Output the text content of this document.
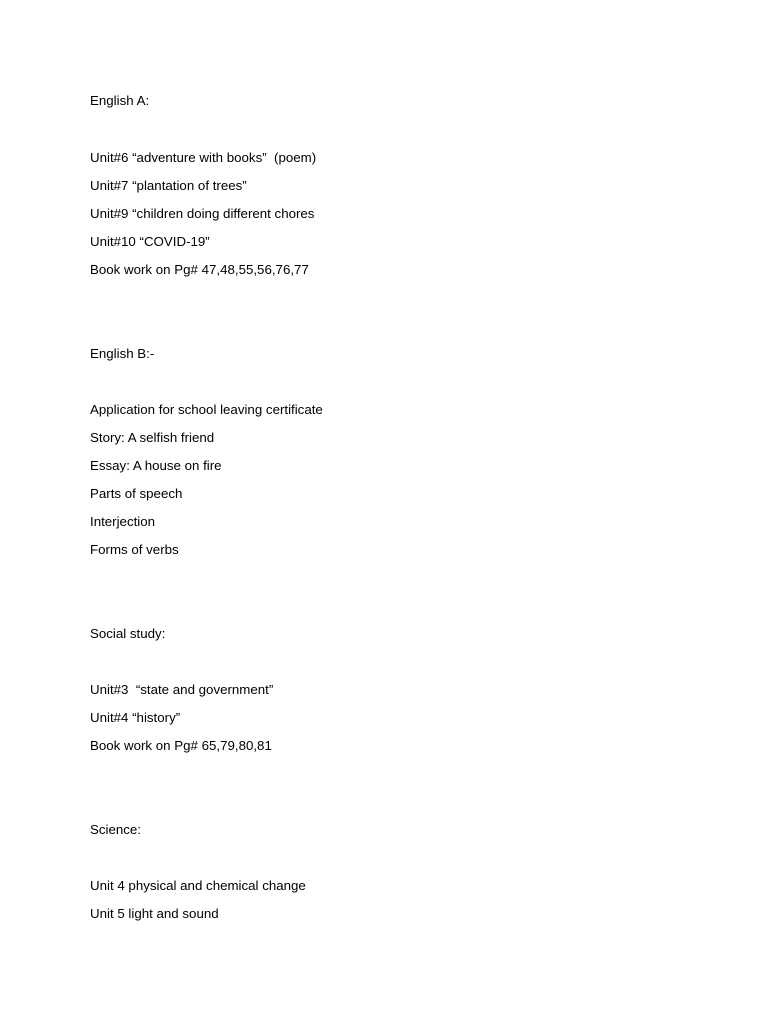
English A:
Unit#6 “adventure with books”  (poem)
Unit#7 “plantation of trees”
Unit#9 “children doing different chores
Unit#10 “COVID-19”
Book work on Pg# 47,48,55,56,76,77
English B:-
Application for school leaving certificate
Story: A selfish friend
Essay: A house on fire
Parts of speech
Interjection
Forms of verbs
Social study:
Unit#3  “state and government”
Unit#4 “history”
Book work on Pg# 65,79,80,81
Science:
Unit 4 physical and chemical change
Unit 5 light and sound
